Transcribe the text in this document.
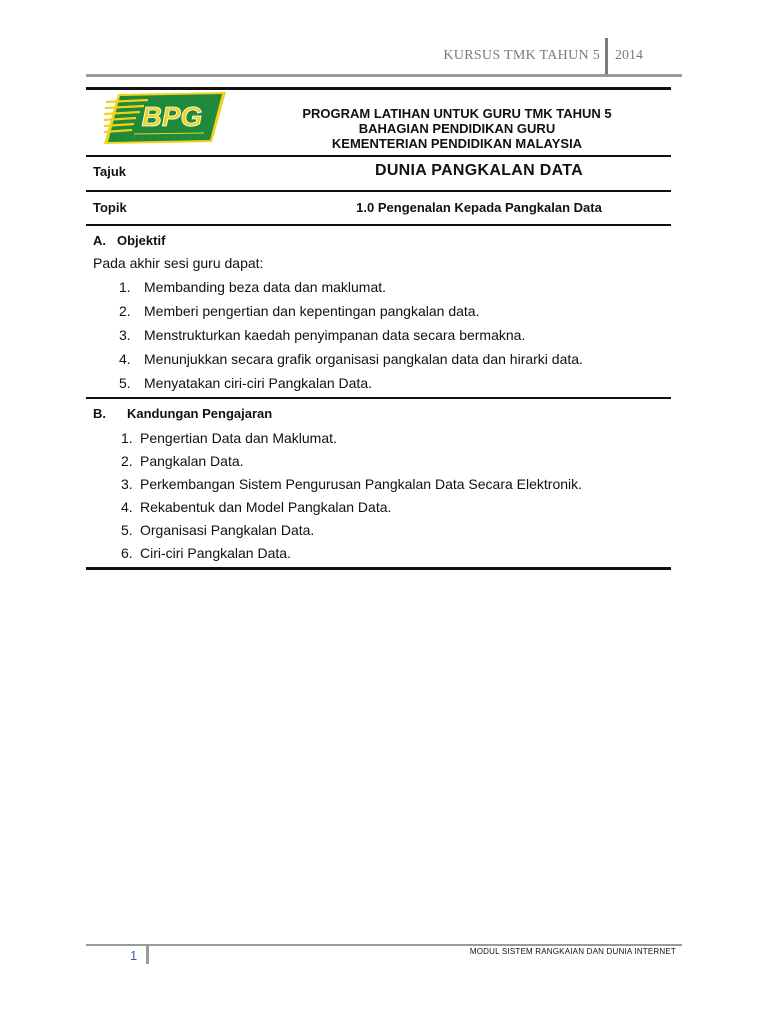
KURSUS TMK TAHUN 5 2014
BPG	PROGRAM LATIHAN UNTUK GURU TMK TAHUN 5
BAHAGIAN PENDIDIKAN GURU
KEMENTERIAN PENDIDIKAN MALAYSIA
Tajuk	DUNIA PANGKALAN DATA
Topik	1.0 Pengenalan Kepada Pangkalan Data
A. Objektif
Pada akhir sesi guru dapat:
1. Membanding beza data dan maklumat.
2. Memberi pengertian dan kepentingan pangkalan data.
3. Menstrukturkan kaedah penyimpanan data secara bermakna.
4. Menunjukkan secara grafik organisasi pangkalan data dan hirarki data.
5. Menyatakan ciri-ciri Pangkalan Data.
B. Kandungan Pengajaran
1. Pengertian Data dan Maklumat.
2. Pangkalan Data.
3. Perkembangan Sistem Pengurusan Pangkalan Data Secara Elektronik.
4. Rekabentuk dan Model Pangkalan Data.
5. Organisasi Pangkalan Data.
6. Ciri-ciri Pangkalan Data.
1	MODUL SISTEM RANGKAIAN DAN DUNIA INTERNET
